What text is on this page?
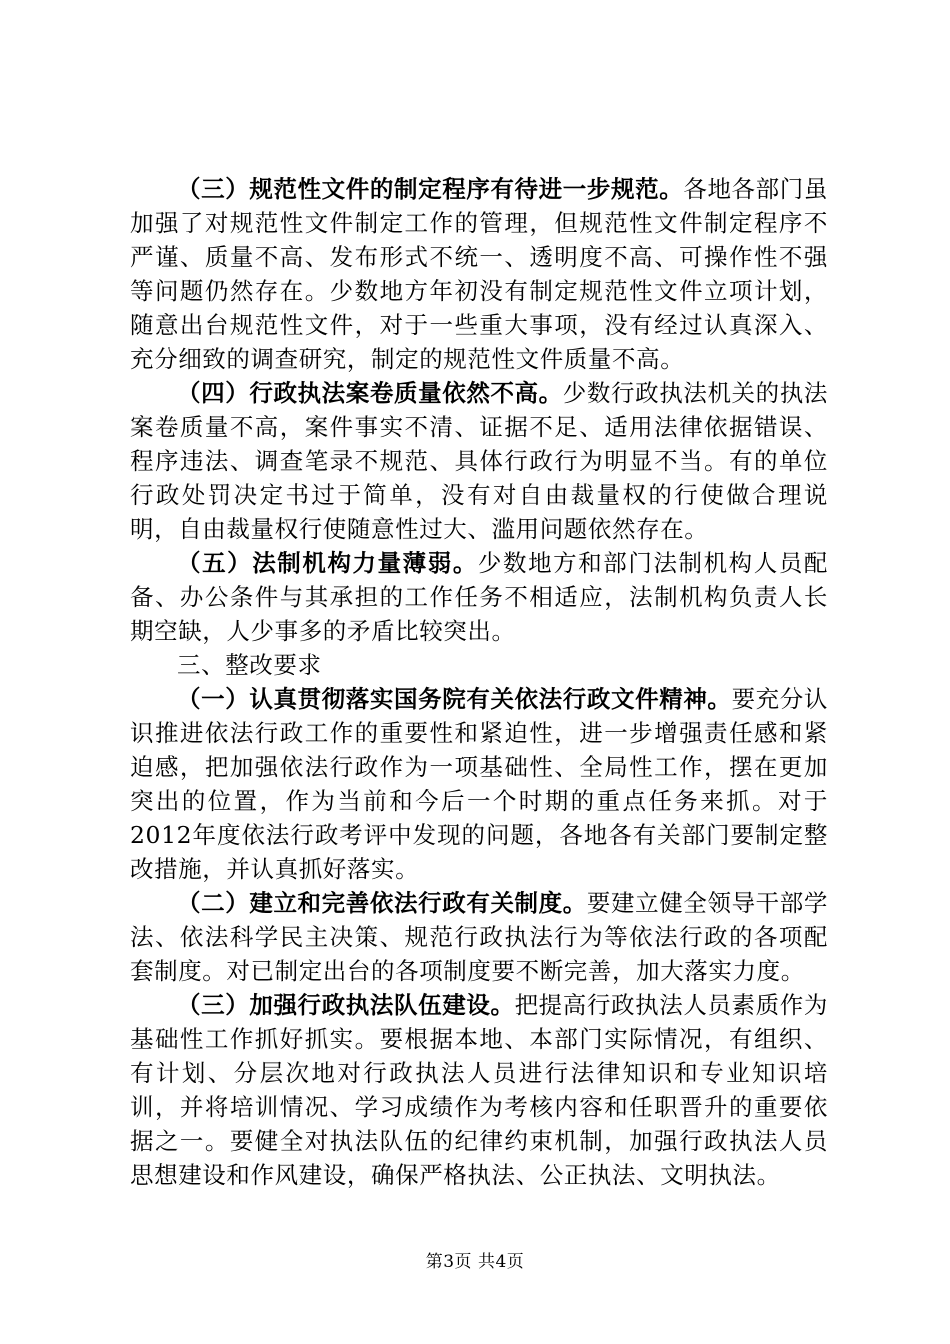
（三）规范性文件的制定程序有待进一步规范。各地各部门虽加强了对规范性文件制定工作的管理，但规范性文件制定程序不严谨、质量不高、发布形式不统一、透明度不高、可操作性不强等问题仍然存在。少数地方年初没有制定规范性文件立项计划，随意出台规范性文件，对于一些重大事项，没有经过认真深入、充分细致的调查研究，制定的规范性文件质量不高。

（四）行政执法案卷质量依然不高。少数行政执法机关的执法案卷质量不高，案件事实不清、证据不足、适用法律依据错误、程序违法、调查笔录不规范、具体行政行为明显不当。有的单位行政处罚决定书过于简单，没有对自由裁量权的行使做合理说明，自由裁量权行使随意性过大、滥用问题依然存在。

（五）法制机构力量薄弱。少数地方和部门法制机构人员配备、办公条件与其承担的工作任务不相适应，法制机构负责人长期空缺，人少事多的矛盾比较突出。

三、整改要求

（一）认真贯彻落实国务院有关依法行政文件精神。要充分认识推进依法行政工作的重要性和紧迫性，进一步增强责任感和紧迫感，把加强依法行政作为一项基础性、全局性工作，摆在更加突出的位置，作为当前和今后一个时期的重点任务来抓。对于2012年度依法行政考评中发现的问题，各地各有关部门要制定整改措施，并认真抓好落实。

（二）建立和完善依法行政有关制度。要建立健全领导干部学法、依法科学民主决策、规范行政执法行为等依法行政的各项配套制度。对已制定出台的各项制度要不断完善，加大落实力度。

（三）加强行政执法队伍建设。把提高行政执法人员素质作为基础性工作抓好抓实。要根据本地、本部门实际情况，有组织、有计划、分层次地对行政执法人员进行法律知识和专业知识培训，并将培训情况、学习成绩作为考核内容和任职晋升的重要依据之一。要健全对执法队伍的纪律约束机制，加强行政执法人员思想建设和作风建设，确保严格执法、公正执法、文明执法。

第3页 共4页
